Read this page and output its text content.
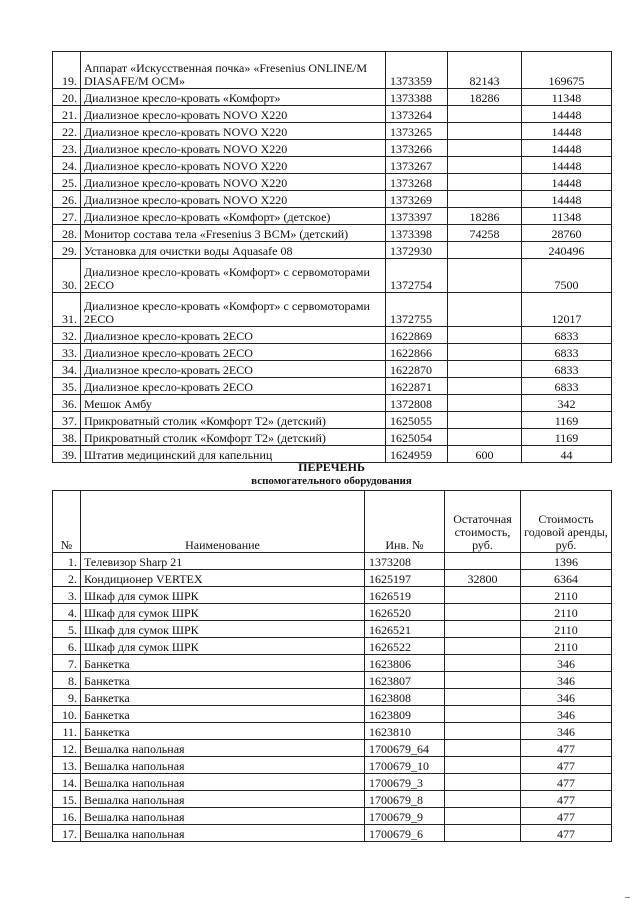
19.	Аппарат «Искусственная почка» «Fresenius ONLINE/M DIASAFE/M OCM»	1373359	82143	169675
20.	Диализное кресло-кровать «Комфорт»	1373388	18286	11348
21.	Диализное кресло-кровать NOVO X220	1373264		14448
22.	Диализное кресло-кровать NOVO X220	1373265		14448
23.	Диализное кресло-кровать NOVO X220	1373266		14448
24.	Диализное кресло-кровать NOVO X220	1373267		14448
25.	Диализное кресло-кровать NOVO X220	1373268		14448
26.	Диализное кресло-кровать NOVO X220	1373269		14448
27.	Диализное кресло-кровать «Комфорт» (детское)	1373397	18286	11348
28.	Монитор состава тела «Fresenius 3 BCM» (детский)	1373398	74258	28760
29.	Установка для очистки воды Aquasafe 08	1372930		240496
30.	Диализное кресло-кровать «Комфорт» с сервомоторами 2ECO	1372754		7500
31.	Диализное кресло-кровать «Комфорт» с сервомоторами 2ECO	1372755		12017
32.	Диализное кресло-кровать 2ECO	1622869		6833
33.	Диализное кресло-кровать 2ECO	1622866		6833
34.	Диализное кресло-кровать 2ECO	1622870		6833
35.	Диализное кресло-кровать 2ECO	1622871		6833
36.	Мешок Амбу	1372808		342
37.	Прикроватный столик «Комфорт T2» (детский)	1625055		1169
38.	Прикроватный столик «Комфорт T2» (детский)	1625054		1169
39.	Штатив медицинский для капельниц	1624959	600	44
ПЕРЕЧЕНЬ
вспомогательного оборудования
№	Наименование	Инв. №	Остаточная стоимость, руб.	Стоимость годовой аренды, руб.
1.	Телевизор Sharp 21	1373208		1396
2.	Кондиционер VERTEX	1625197	32800	6364
3.	Шкаф для сумок ШРК	1626519		2110
4.	Шкаф для сумок ШРК	1626520		2110
5.	Шкаф для сумок ШРК	1626521		2110
6.	Шкаф для сумок ШРК	1626522		2110
7.	Банкетка	1623806		346
8.	Банкетка	1623807		346
9.	Банкетка	1623808		346
10.	Банкетка	1623809		346
11.	Банкетка	1623810		346
12.	Вешалка напольная	1700679_64		477
13.	Вешалка напольная	1700679_10		477
14.	Вешалка напольная	1700679_3		477
15.	Вешалка напольная	1700679_8		477
16.	Вешалка напольная	1700679_9		477
17.	Вешалка напольная	1700679_6		477
_
